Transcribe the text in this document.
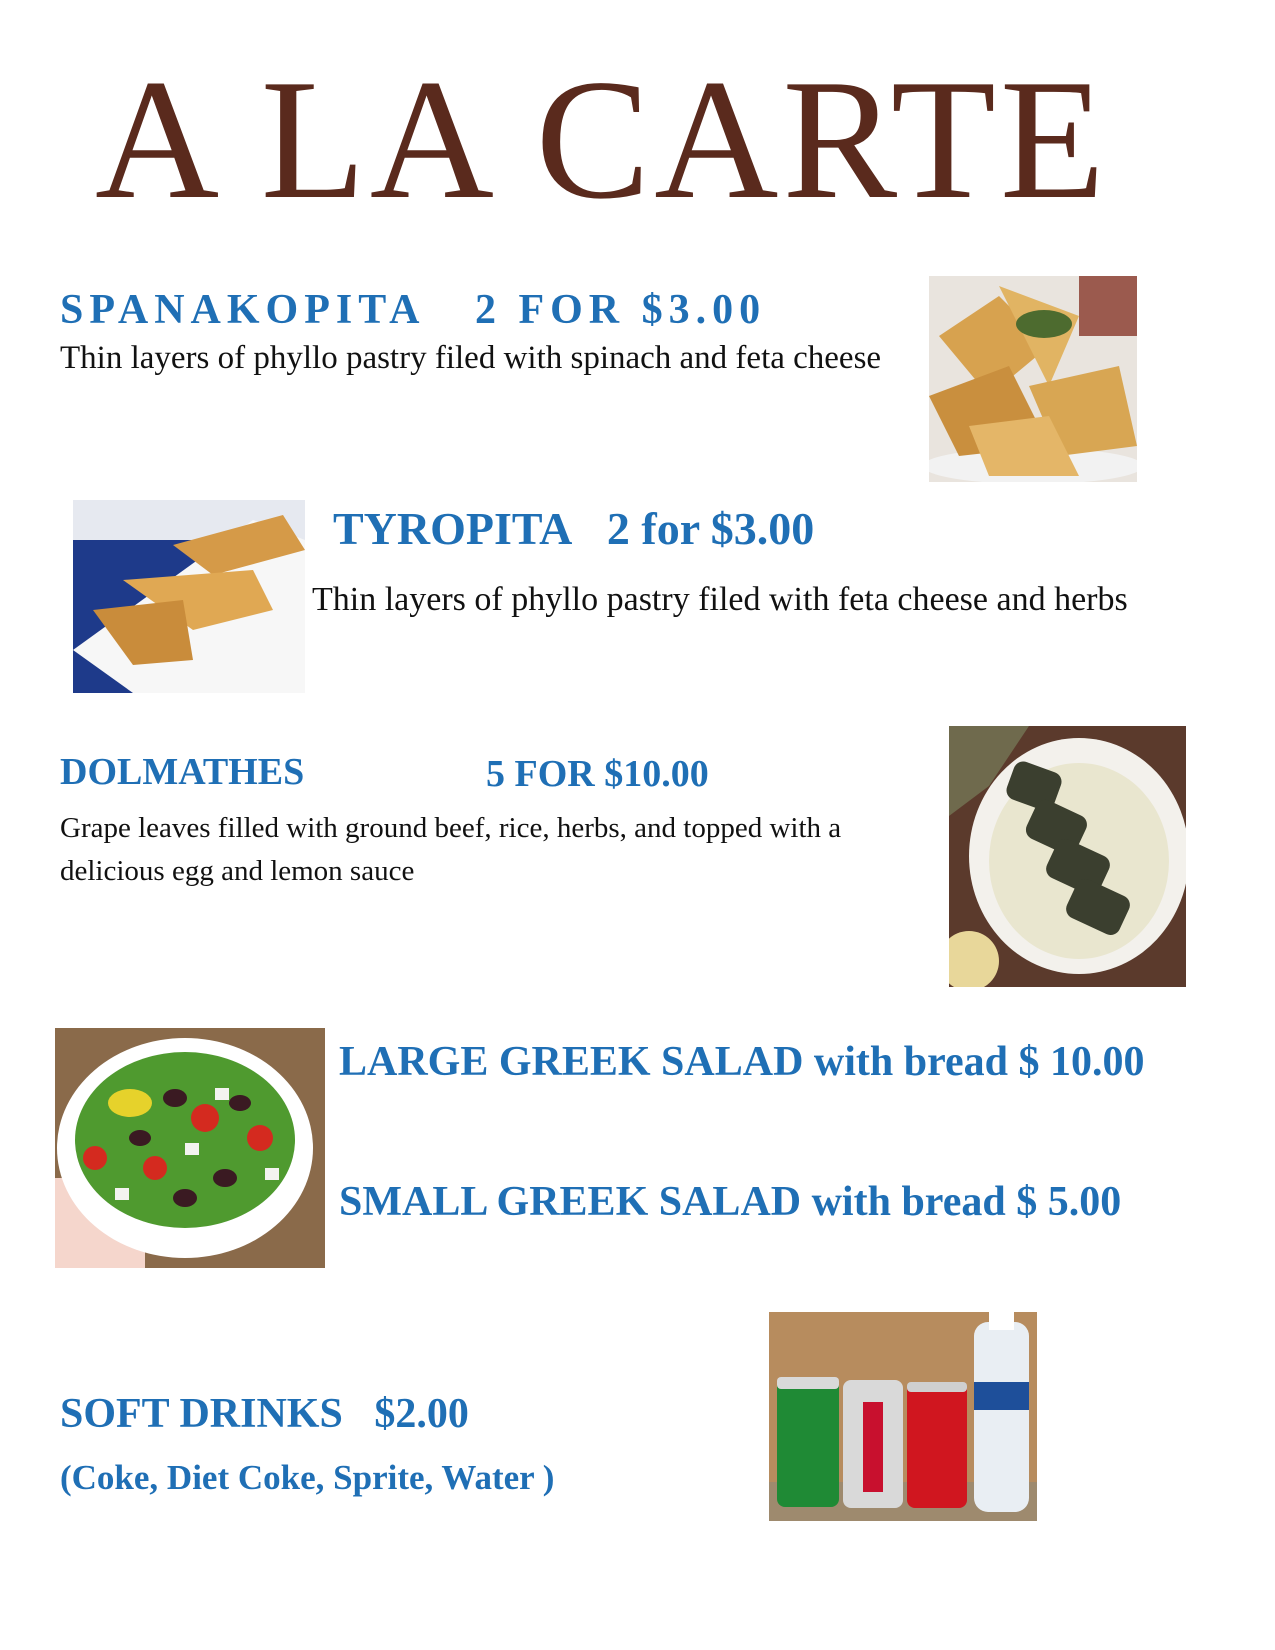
A LA CARTE
SPANAKOPITA 2 FOR $3.00
Thin layers of phyllo pastry filed with spinach and feta cheese
TYROPITA 2 for $3.00
Thin layers of phyllo pastry filed with feta cheese and herbs
DOLMATHES	5 FOR $10.00
Grape leaves filled with ground beef, rice, herbs, and topped with a delicious egg and lemon sauce
LARGE GREEK SALAD with bread $ 10.00
SMALL GREEK SALAD with bread $ 5.00
SOFT DRINKS $2.00
(Coke, Diet Coke, Sprite, Water )
